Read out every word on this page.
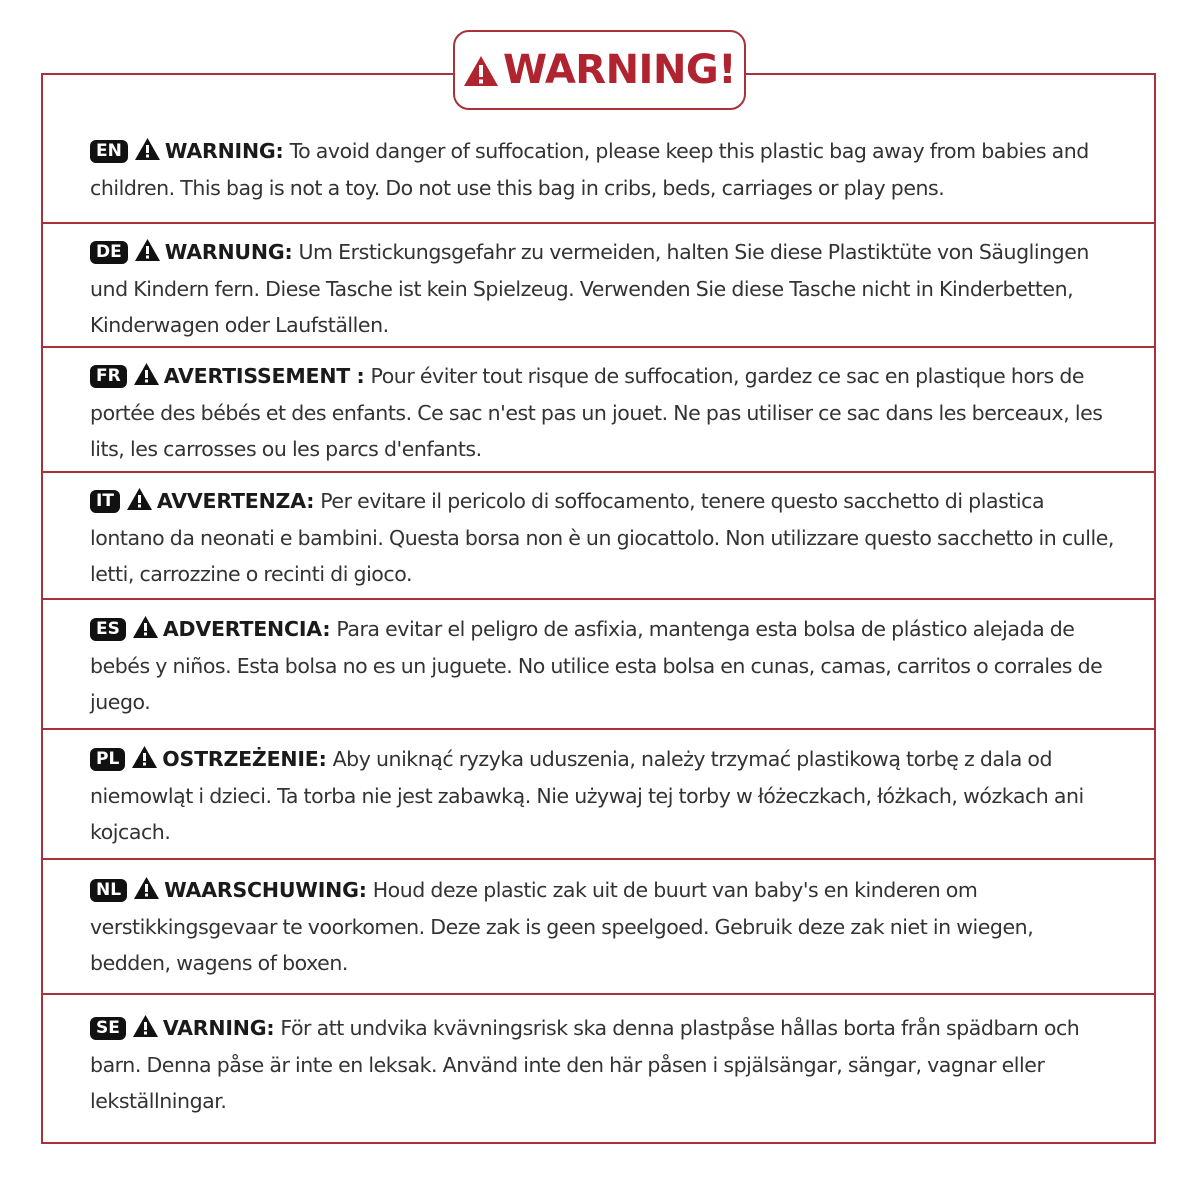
WARNING!
EN WARNING: To avoid danger of suffocation, please keep this plastic bag away from babies and children. This bag is not a toy. Do not use this bag in cribs, beds, carriages or play pens.
DE WARNUNG: Um Erstickungsgefahr zu vermeiden, halten Sie diese Plastiktüte von Säuglingen und Kindern fern. Diese Tasche ist kein Spielzeug. Verwenden Sie diese Tasche nicht in Kinderbetten, Kinderwagen oder Laufställen.
FR AVERTISSEMENT : Pour éviter tout risque de suffocation, gardez ce sac en plastique hors de portée des bébés et des enfants. Ce sac n'est pas un jouet. Ne pas utiliser ce sac dans les berceaux, les lits, les carrosses ou les parcs d'enfants.
IT AVVERTENZA: Per evitare il pericolo di soffocamento, tenere questo sacchetto di plastica lontano da neonati e bambini. Questa borsa non è un giocattolo. Non utilizzare questo sacchetto in culle, letti, carrozzine o recinti di gioco.
ES ADVERTENCIA: Para evitar el peligro de asfixia, mantenga esta bolsa de plástico alejada de bebés y niños. Esta bolsa no es un juguete. No utilice esta bolsa en cunas, camas, carritos o corrales de juego.
PL OSTRZEŻENIE: Aby uniknąć ryzyka uduszenia, należy trzymać plastikową torbę z dala od niemowląt i dzieci. Ta torba nie jest zabawką. Nie używaj tej torby w łóżeczkach, łóżkach, wózkach ani kojcach.
NL WAARSCHUWING: Houd deze plastic zak uit de buurt van baby's en kinderen om verstikkingsgevaar te voorkomen. Deze zak is geen speelgoed. Gebruik deze zak niet in wiegen, bedden, wagens of boxen.
SE VARNING: För att undvika kvävningsrisk ska denna plastpåse hållas borta från spädbarn och barn. Denna påse är inte en leksak. Använd inte den här påsen i spjälsängar, sängar, vagnar eller lekställningar.
